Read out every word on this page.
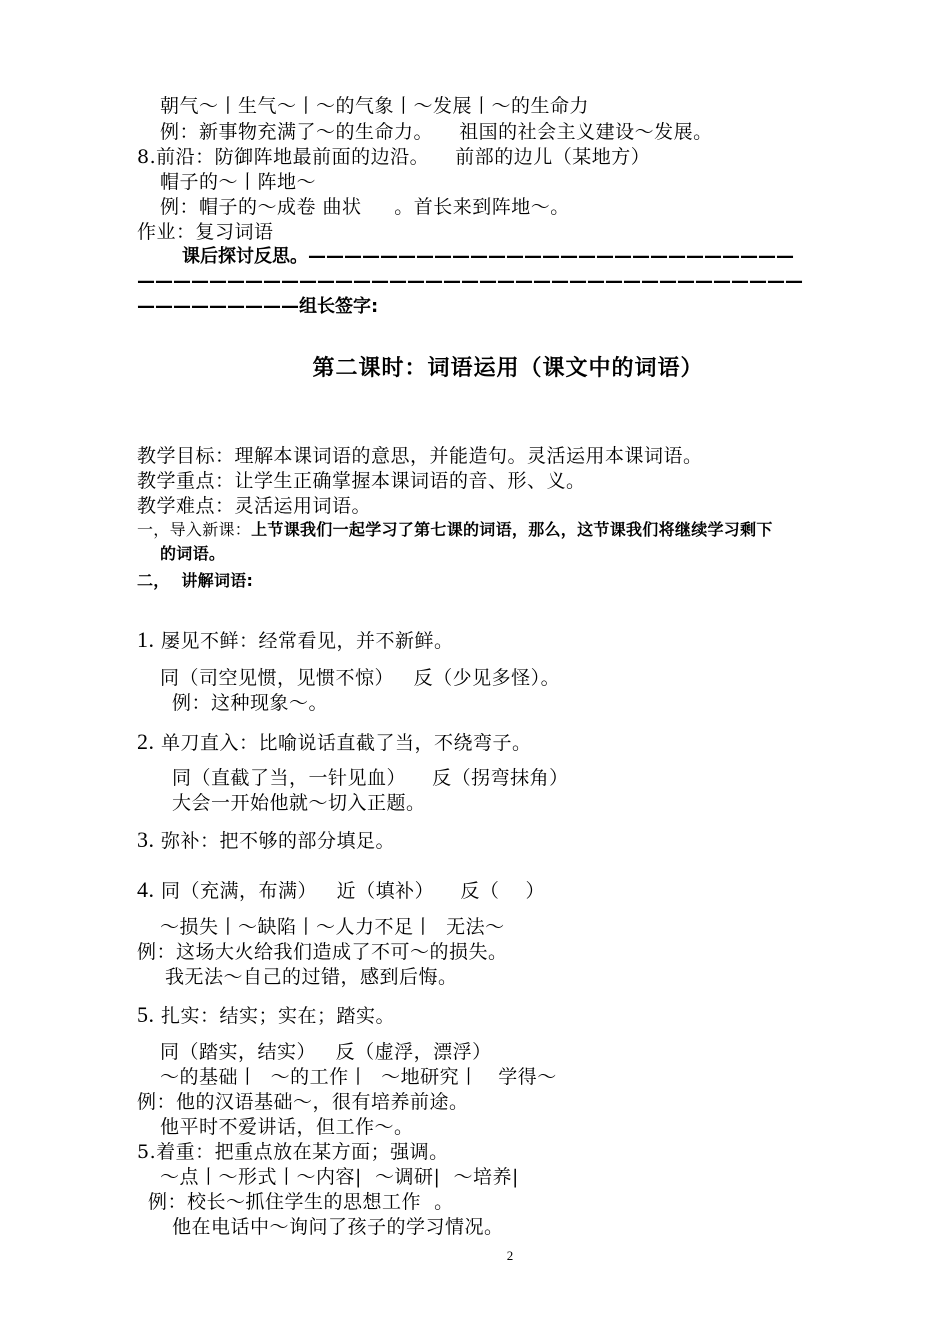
朝气～丨生气～丨～的气象丨～发展丨～的生命力
例：新事物充满了～的生命力。    祖国的社会主义建设～发展。
8.前沿：防御阵地最前面的边沿。    前部的边儿（某地方）
帽子的～丨阵地～
例：帽子的～成卷 曲状     。首长来到阵地～。
作业：复习词语
课后探讨反思。———————————————————————————
—————————————————————————————————————
—————————组长签字:
第二课时：词语运用（课文中的词语）
教学目标：理解本课词语的意思，并能造句。灵活运用本课词语。
教学重点：让学生正确掌握本课词语的音、形、义。
教学难点：灵活运用词语。
一，导入新课：上节课我们一起学习了第七课的词语，那么，这节课我们将继续学习剩下
的词语。
二，  讲解词语:
1. 屡见不鲜：经常看见，并不新鲜。
同（司空见惯，见惯不惊）   反（少见多怪）。
例：这种现象～。
2. 单刀直入：比喻说话直截了当，不绕弯子。
同（直截了当，一针见血）    反（拐弯抹角）
大会一开始他就～切入正题。
3. 弥补：把不够的部分填足。
4. 同（充满，布满）   近（填补）    反（    ）
～损失丨～缺陷丨～人力不足丨  无法～
例：这场大火给我们造成了不可～的损失。
我无法～自己的过错，感到后悔。
5. 扎实：结实；实在；踏实。
同（踏实，结实）   反（虚浮，漂浮）
～的基础丨  ～的工作丨  ～地研究丨   学得～
例：他的汉语基础～，很有培养前途。
他平时不爱讲话，但工作～。
5.着重：把重点放在某方面；强调。
～点丨～形式丨～内容|  ～调研|  ～培养|
例：校长～抓住学生的思想工作  。
他在电话中～询问了孩子的学习情况。
2
